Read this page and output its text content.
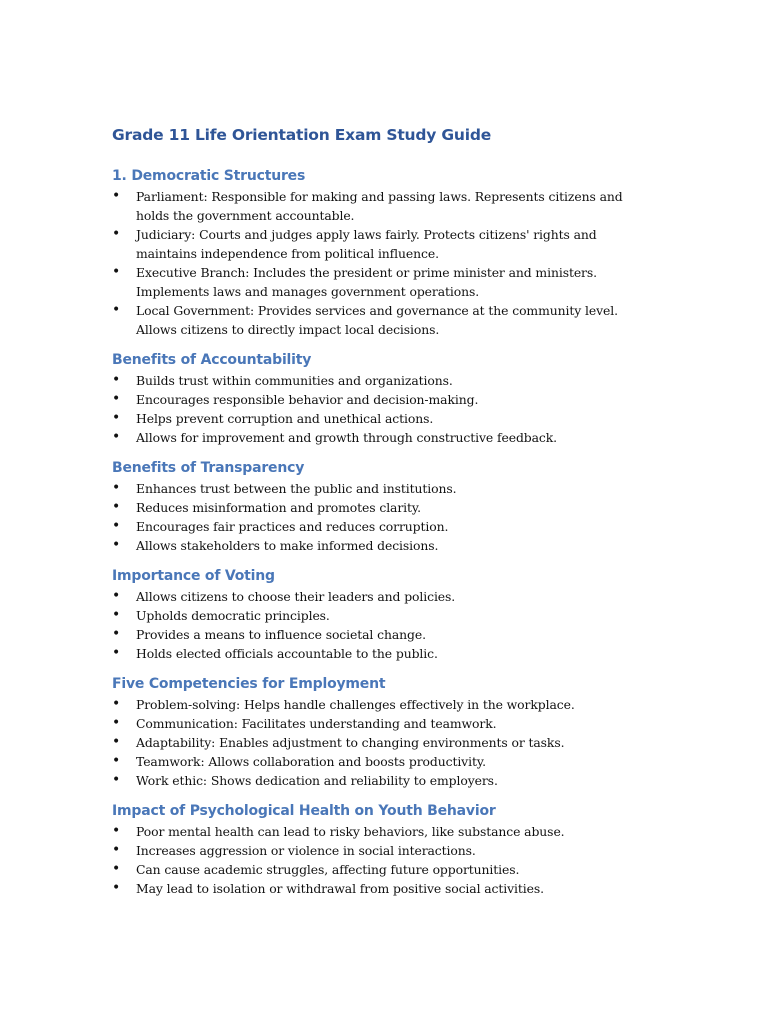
Grade 11 Life Orientation Exam Study Guide
1. Democratic Structures
• Parliament: Responsible for making and passing laws. Represents citizens and holds the government accountable.
• Judiciary: Courts and judges apply laws fairly. Protects citizens' rights and maintains independence from political influence.
• Executive Branch: Includes the president or prime minister and ministers. Implements laws and manages government operations.
• Local Government: Provides services and governance at the community level. Allows citizens to directly impact local decisions.
Benefits of Accountability
• Builds trust within communities and organizations.
• Encourages responsible behavior and decision-making.
• Helps prevent corruption and unethical actions.
• Allows for improvement and growth through constructive feedback.
Benefits of Transparency
• Enhances trust between the public and institutions.
• Reduces misinformation and promotes clarity.
• Encourages fair practices and reduces corruption.
• Allows stakeholders to make informed decisions.
Importance of Voting
• Allows citizens to choose their leaders and policies.
• Upholds democratic principles.
• Provides a means to influence societal change.
• Holds elected officials accountable to the public.
Five Competencies for Employment
• Problem-solving: Helps handle challenges effectively in the workplace.
• Communication: Facilitates understanding and teamwork.
• Adaptability: Enables adjustment to changing environments or tasks.
• Teamwork: Allows collaboration and boosts productivity.
• Work ethic: Shows dedication and reliability to employers.
Impact of Psychological Health on Youth Behavior
• Poor mental health can lead to risky behaviors, like substance abuse.
• Increases aggression or violence in social interactions.
• Can cause academic struggles, affecting future opportunities.
• May lead to isolation or withdrawal from positive social activities.
